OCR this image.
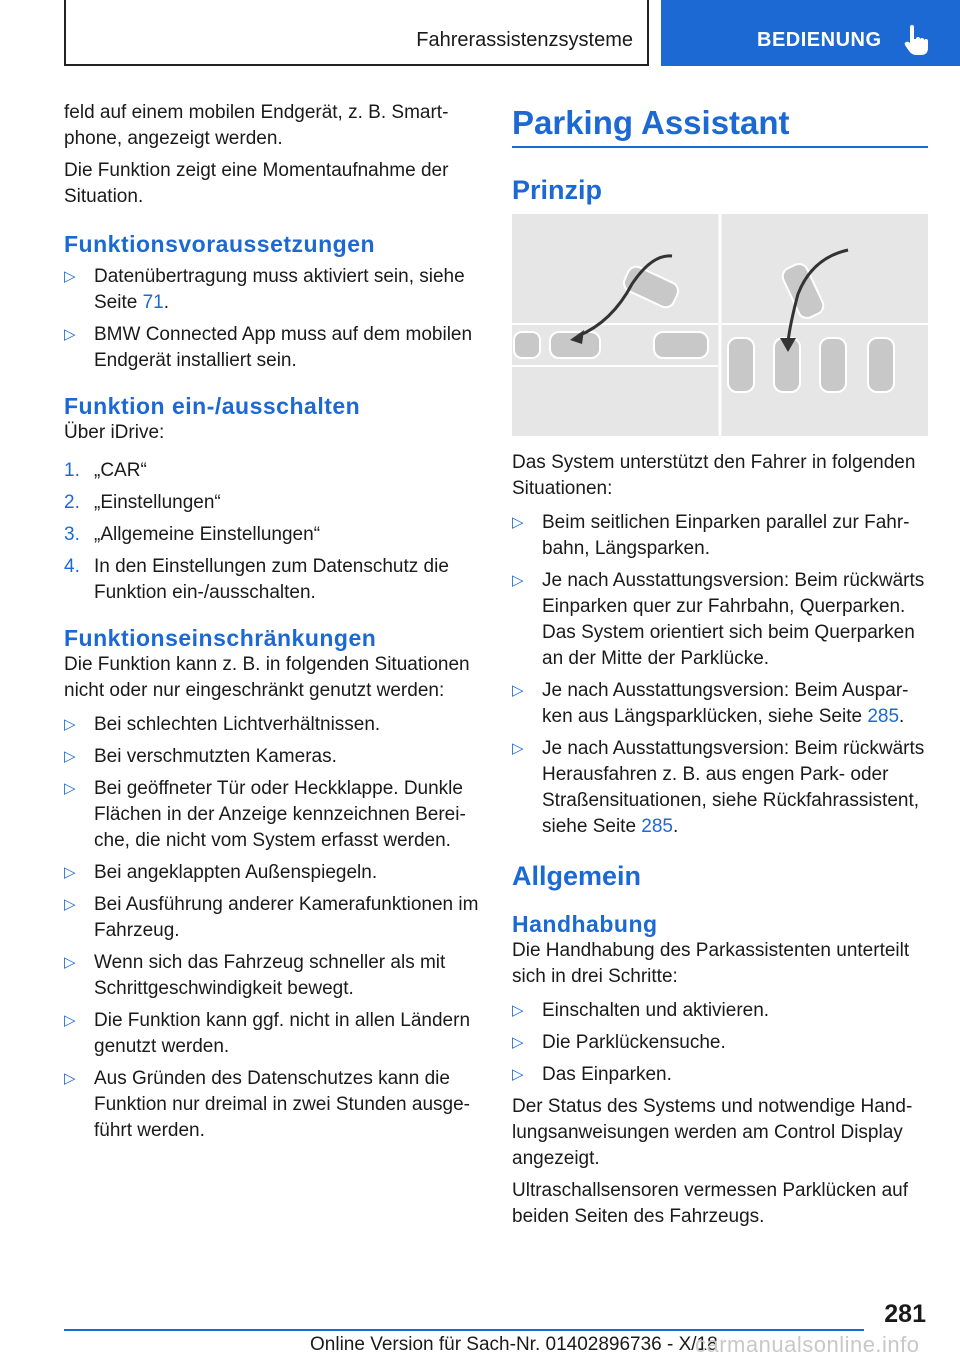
Fahrerassistenzsysteme	BEDIENUNG

feld auf einem mobilen Endgerät, z. B. Smart‐phone, angezeigt werden.

Die Funktion zeigt eine Momentaufnahme der Situation.

Funktionsvoraussetzungen
▷ Datenübertragung muss aktiviert sein, siehe Seite 71.
▷ BMW Connected App muss auf dem mobilen Endgerät installiert sein.
Funktion ein-/ausschalten

Über iDrive:

1. „CAR“
2. „Einstellungen“
3. „Allgemeine Einstellungen“
4. In den Einstellungen zum Datenschutz die Funktion ein-/ausschalten.
Funktionseinschränkungen

Die Funktion kann z. B. in folgenden Situationen nicht oder nur eingeschränkt genutzt werden:

▷ Bei schlechten Lichtverhältnissen.
▷ Bei verschmutzten Kameras.
▷ Bei geöffneter Tür oder Heckklappe. Dunkle Flächen in der Anzeige kennzeichnen Berei‐che, die nicht vom System erfasst werden.
▷ Bei angeklappten Außenspiegeln.
▷ Bei Ausführung anderer Kamerafunktionen im Fahrzeug.
▷ Wenn sich das Fahrzeug schneller als mit Schrittgeschwindigkeit bewegt.
▷ Die Funktion kann ggf. nicht in allen Ländern genutzt werden.
▷ Aus Gründen des Datenschutzes kann die Funktion nur dreimal in zwei Stunden ausge‐führt werden.
Parking Assistant
Prinzip

Das System unterstützt den Fahrer in folgenden Situationen:

▷ Beim seitlichen Einparken parallel zur Fahr‐bahn, Längsparken.
▷ Je nach Ausstattungsversion: Beim rückwärts Einparken quer zur Fahrbahn, Querparken. Das System orientiert sich beim Querparken an der Mitte der Parklücke.
▷ Je nach Ausstattungsversion: Beim Auspar‐ken aus Längsparklücken, siehe Seite 285.
▷ Je nach Ausstattungsversion: Beim rückwärts Herausfahren z. B. aus engen Park- oder Straßensituationen, siehe Rückfahrassistent, siehe Seite 285.
Allgemein
Handhabung

Die Handhabung des Parkassistenten unterteilt sich in drei Schritte:

▷ Einschalten und aktivieren.
▷ Die Parklückensuche.
▷ Das Einparken.

Der Status des Systems und notwendige Hand‐lungsanweisungen werden am Control Display angezeigt.

Ultraschallsensoren vermessen Parklücken auf beiden Seiten des Fahrzeugs.

281
Online Version für Sach-Nr. 01402896736 - X/18
carmanualsonline.info
